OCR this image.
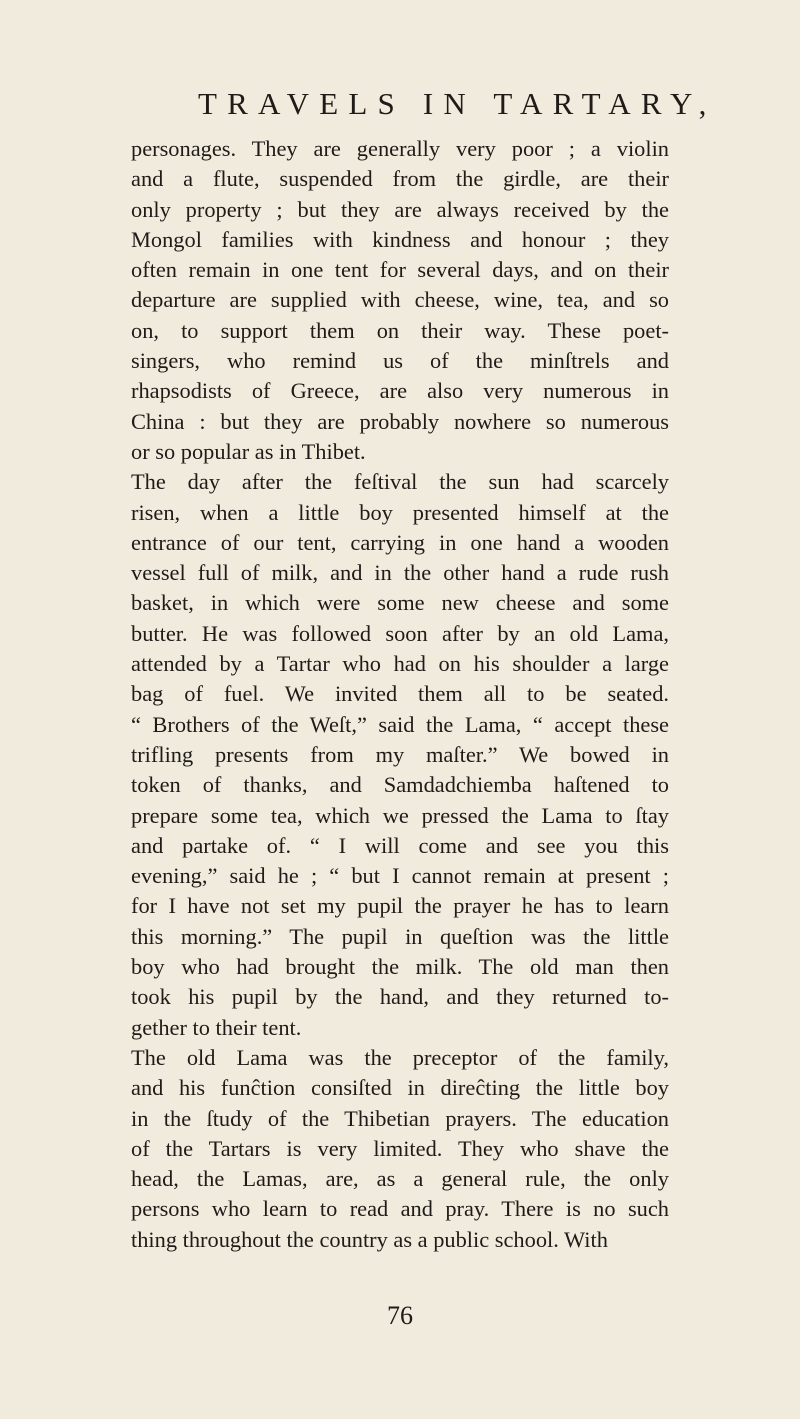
TRAVELS IN TARTARY,
personages. They are generally very poor ; a violin
and a flute, suspended from the girdle, are their
only property ; but they are always received by the
Mongol families with kindness and honour ; they
often remain in one tent for several days, and on their
departure are supplied with cheese, wine, tea, and so
on, to support them on their way. These poet-
singers, who remind us of the minſtrels and
rhapsodists of Greece, are also very numerous in
China : but they are probably nowhere so numerous
or so popular as in Thibet.
The day after the feſtival the sun had scarcely
risen, when a little boy presented himself at the
entrance of our tent, carrying in one hand a wooden
vessel full of milk, and in the other hand a rude rush
basket, in which were some new cheese and some
butter. He was followed soon after by an old Lama,
attended by a Tartar who had on his shoulder a large
bag of fuel. We invited them all to be seated.
“ Brothers of the Weſt,” said the Lama, “ accept these
trifling presents from my maſter.” We bowed in
token of thanks, and Samdadchiemba haſtened to
prepare some tea, which we pressed the Lama to ſtay
and partake of. “ I will come and see you this
evening,” said he ; “ but I cannot remain at present ;
for I have not set my pupil the prayer he has to learn
this morning.” The pupil in queſtion was the little
boy who had brought the milk. The old man then
took his pupil by the hand, and they returned to-
gether to their tent.
The old Lama was the preceptor of the family,
and his funĉtion consiſted in direĉting the little boy
in the ſtudy of the Thibetian prayers. The education
of the Tartars is very limited. They who shave the
head, the Lamas, are, as a general rule, the only
persons who learn to read and pray. There is no such
thing throughout the country as a public school. With
76
